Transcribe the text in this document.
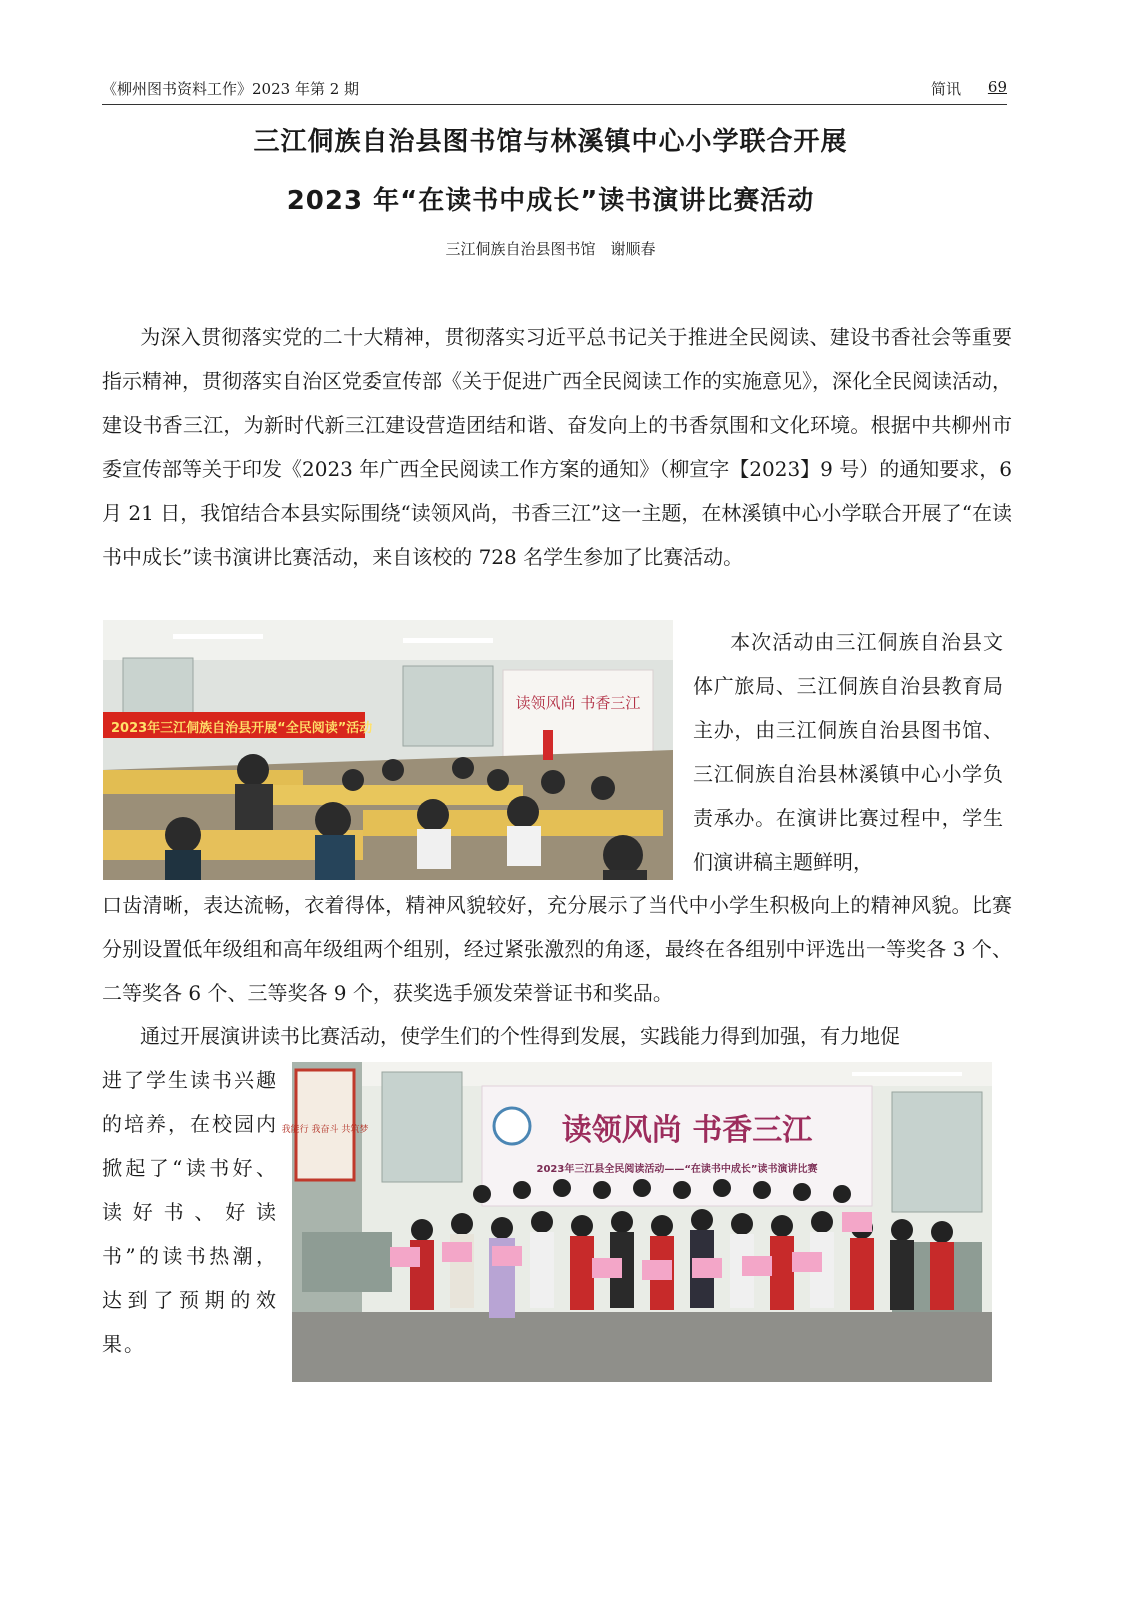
《柳州图书资料工作》2023 年第 2 期	简讯 69
三江侗族自治县图书馆与林溪镇中心小学联合开展
2023 年“在读书中成长”读书演讲比赛活动
三江侗族自治县图书馆　谢顺春

为深入贯彻落实党的二十大精神，贯彻落实习近平总书记关于推进全民阅读、建设书香社会等重要指示精神，贯彻落实自治区党委宣传部《关于促进广西全民阅读工作的实施意见》，深化全民阅读活动，建设书香三江，为新时代新三江建设营造团结和谐、奋发向上的书香氛围和文化环境。根据中共柳州市委宣传部等关于印发《2023 年广西全民阅读工作方案的通知》（柳宣字【2023】9 号）的通知要求，6 月 21 日，我馆结合本县实际围绕“读领风尚，书香三江”这一主题，在林溪镇中心小学联合开展了“在读书中成长”读书演讲比赛活动，来自该校的 728 名学生参加了比赛活动。

读领风尚 书香三江
2023年三江侗族自治县开展“全民阅读”活动

本次活动由三江侗族自治县文体广旅局、三江侗族自治县教育局主办，由三江侗族自治县图书馆、三江侗族自治县林溪镇中心小学负责承办。在演讲比赛过程中，学生们演讲稿主题鲜明，

口齿清晰，表达流畅，衣着得体，精神风貌较好，充分展示了当代中小学生积极向上的精神风貌。比赛分别设置低年级组和高年级组两个组别，经过紧张激烈的角逐，最终在各组别中评选出一等奖各 3 个、二等奖各 6 个、三等奖各 9 个，获奖选手颁发荣誉证书和奖品。

通过开展演讲读书比赛活动，使学生们的个性得到发展，实践能力得到加强，有力地促

进了学生读书兴趣的培养，在校园内掀起了“读书好、读好书、好读书”的读书热潮，达到了预期的效果。

我能行 我奋斗 共筑梦	读领风尚 书香三江
2023年三江县全民阅读活动——“在读书中成长”读书演讲比赛
